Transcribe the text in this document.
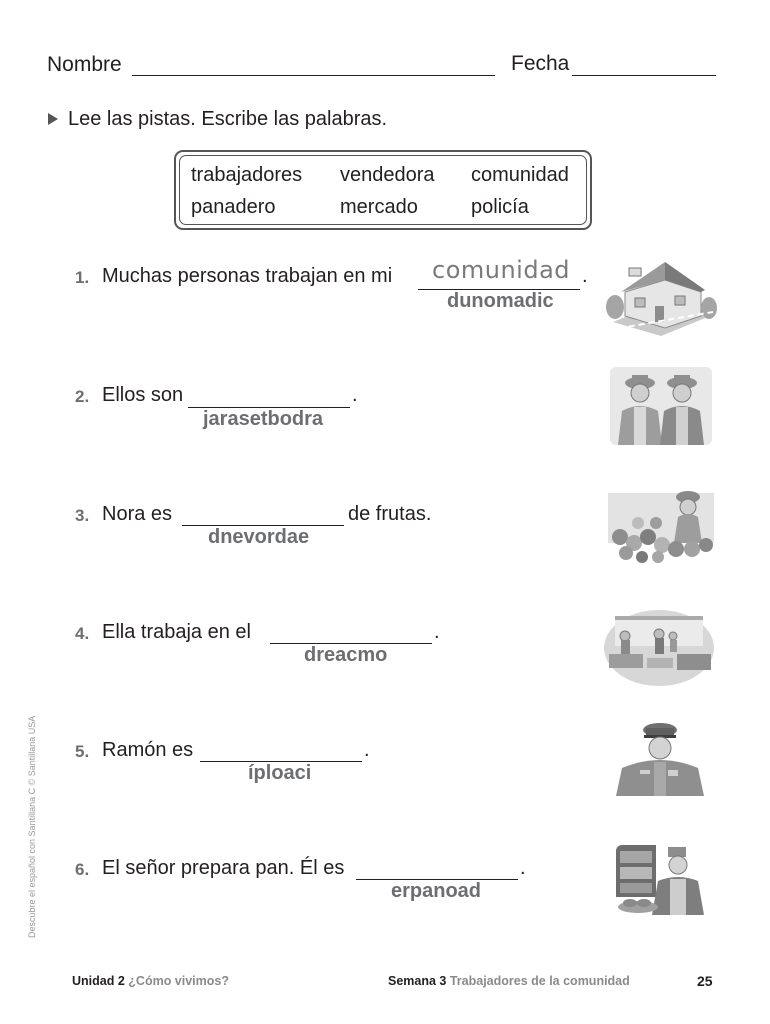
Nombre	Fecha
Lee las pistas. Escribe las palabras.
trabajadores vendedora comunidad
panadero	mercado	policía
1. Muchas personas trabajan en mi comunidad .
dunomadic
2. Ellos son	.
jarasetbodra
3. Nora es	de frutas.
dnevordae
4. Ella trabaja en el	.
dreacmo
5. Ramón es	.
íploaci
6. El señor prepara pan. Él es	.
erpanoad
Descubre el español con Santillana C © Santillana USA
Unidad 2 ¿Cómo vivimos?	Semana 3 Trabajadores de la comunidad	25
